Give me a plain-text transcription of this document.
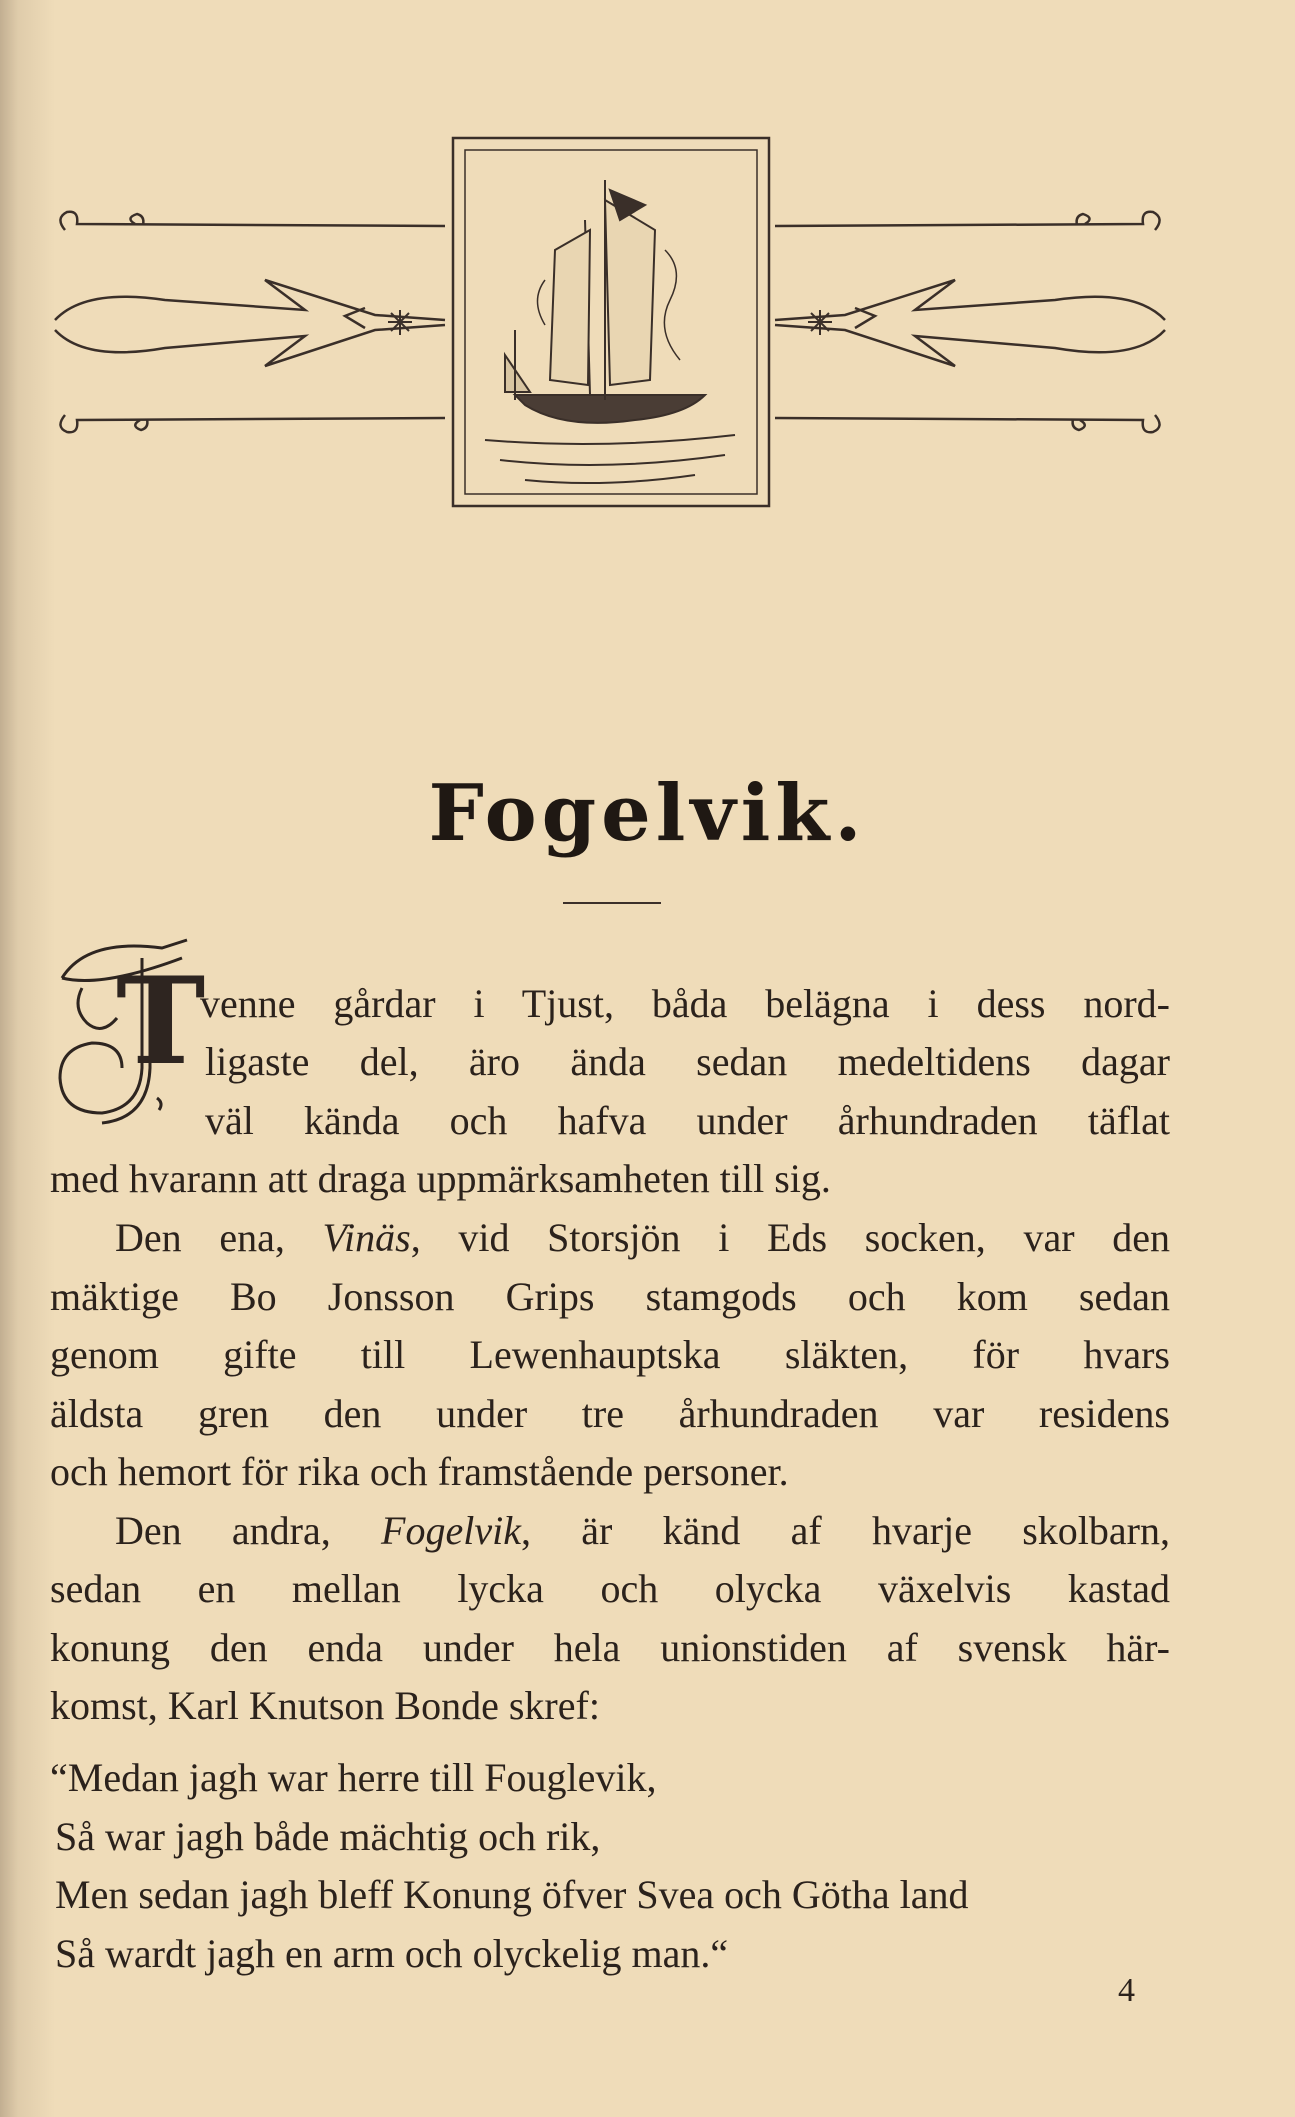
Fogelvik.
T
venne gårdar i Tjust, båda belägna i dess nord-
ligaste del, äro ända sedan medeltidens dagar
väl kända och hafva under århundraden täflat
med hvarann att draga uppmärksamheten till sig.
Den ena, Vinäs, vid Storsjön i Eds socken, var den
mäktige Bo Jonsson Grips stamgods och kom sedan
genom gifte till Lewenhauptska släkten, för hvars
äldsta gren den under tre århundraden var residens
och hemort för rika och framstående personer.
Den andra, Fogelvik, är känd af hvarje skolbarn,
sedan en mellan lycka och olycka växelvis kastad
konung den enda under hela unionstiden af svensk här-
komst, Karl Knutson Bonde skref:
“Medan jagh war herre till Fouglevik,
Så war jagh både mächtig och rik,
Men sedan jagh bleff Konung öfver Svea och Götha land
Så wardt jagh en arm och olyckelig man.“
4
